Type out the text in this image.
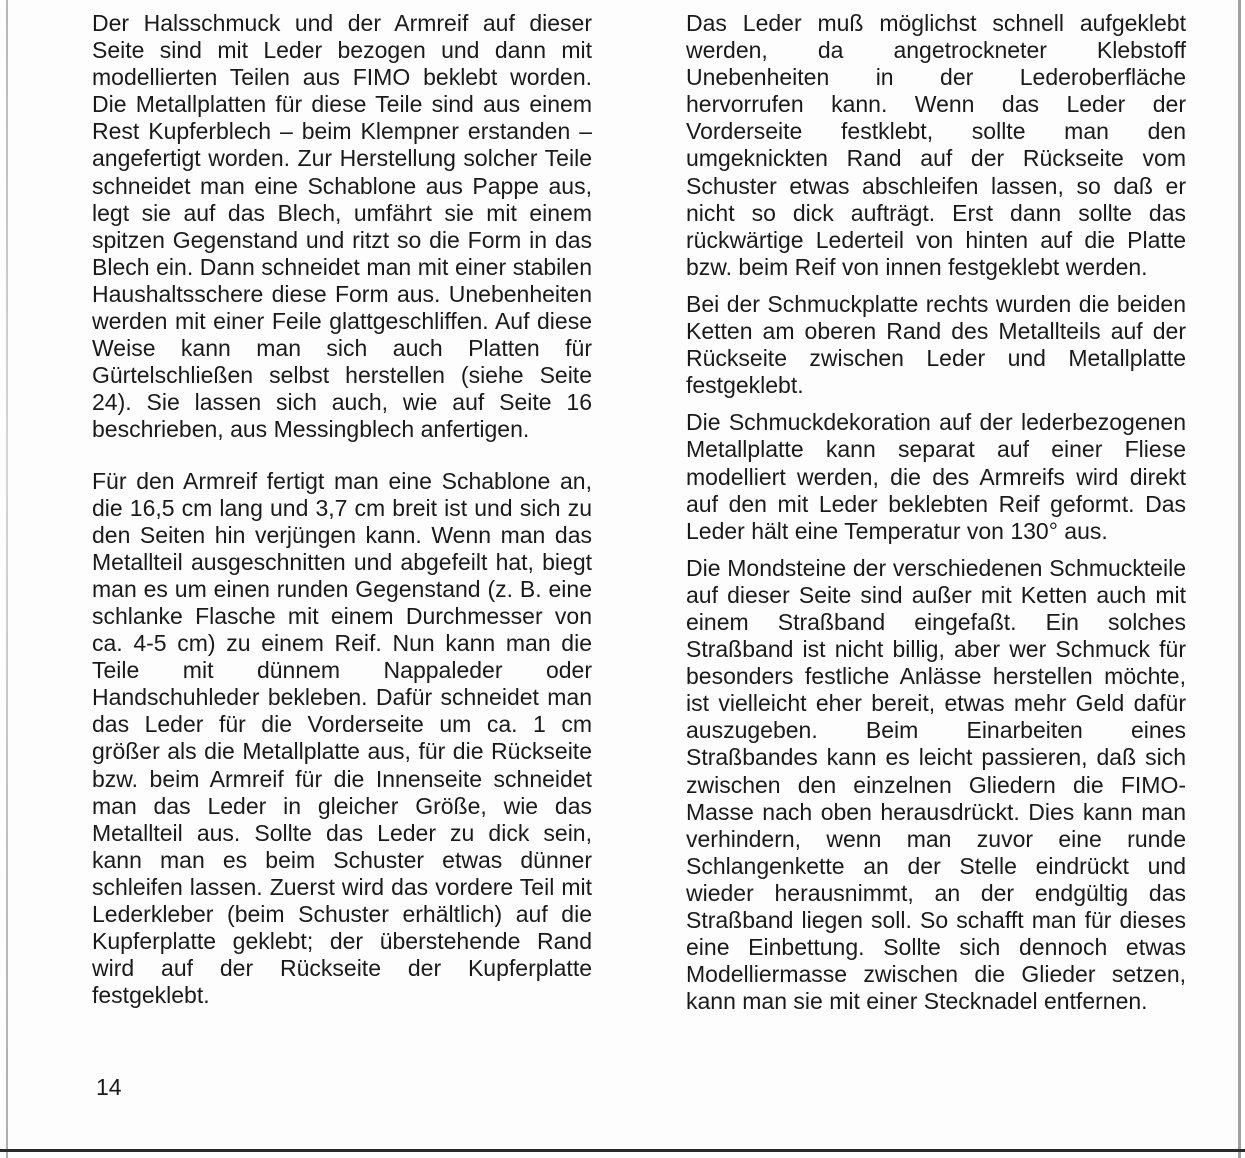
Der Halsschmuck und der Armreif auf dieser Seite sind mit Leder bezogen und dann mit modellierten Teilen aus FIMO beklebt worden. Die Metallplatten für diese Teile sind aus einem Rest Kupferblech – beim Klempner erstanden – angefertigt worden. Zur Herstellung solcher Teile schneidet man eine Schablone aus Pappe aus, legt sie auf das Blech, umfährt sie mit einem spitzen Gegenstand und ritzt so die Form in das Blech ein. Dann schneidet man mit einer stabilen Haushaltsschere diese Form aus. Unebenheiten werden mit einer Feile glattgeschliffen. Auf diese Weise kann man sich auch Platten für Gürtelschließen selbst herstellen (siehe Seite 24). Sie lassen sich auch, wie auf Seite 16 beschrieben, aus Messingblech anfertigen.

Für den Armreif fertigt man eine Schablone an, die 16,5 cm lang und 3,7 cm breit ist und sich zu den Seiten hin verjüngen kann. Wenn man das Metallteil ausgeschnitten und abgefeilt hat, biegt man es um einen runden Gegenstand (z. B. eine schlanke Flasche mit einem Durchmesser von ca. 4-5 cm) zu einem Reif. Nun kann man die Teile mit dünnem Nappaleder oder Handschuhleder bekleben. Dafür schneidet man das Leder für die Vorderseite um ca. 1 cm größer als die Metallplatte aus, für die Rückseite bzw. beim Armreif für die Innenseite schneidet man das Leder in gleicher Größe, wie das Metallteil aus. Sollte das Leder zu dick sein, kann man es beim Schuster etwas dünner schleifen lassen. Zuerst wird das vordere Teil mit Lederkleber (beim Schuster erhältlich) auf die Kupferplatte geklebt; der überstehende Rand wird auf der Rückseite der Kupferplatte festgeklebt.

Das Leder muß möglichst schnell aufgeklebt werden, da angetrockneter Klebstoff Unebenheiten in der Lederoberfläche hervorrufen kann. Wenn das Leder der Vorderseite festklebt, sollte man den umgeknickten Rand auf der Rückseite vom Schuster etwas abschleifen lassen, so daß er nicht so dick aufträgt. Erst dann sollte das rückwärtige Lederteil von hinten auf die Platte bzw. beim Reif von innen festgeklebt werden.

Bei der Schmuckplatte rechts wurden die beiden Ketten am oberen Rand des Metallteils auf der Rückseite zwischen Leder und Metallplatte festgeklebt.

Die Schmuckdekoration auf der lederbezogenen Metallplatte kann separat auf einer Fliese modelliert werden, die des Armreifs wird direkt auf den mit Leder beklebten Reif geformt. Das Leder hält eine Temperatur von 130° aus.

Die Mondsteine der verschiedenen Schmuckteile auf dieser Seite sind außer mit Ketten auch mit einem Straßband eingefaßt. Ein solches Straßband ist nicht billig, aber wer Schmuck für besonders festliche Anlässe herstellen möchte, ist vielleicht eher bereit, etwas mehr Geld dafür auszugeben. Beim Einarbeiten eines Straßbandes kann es leicht passieren, daß sich zwischen den einzelnen Gliedern die FIMO-Masse nach oben herausdrückt. Dies kann man verhindern, wenn man zuvor eine runde Schlangenkette an der Stelle eindrückt und wieder herausnimmt, an der endgültig das Straßband liegen soll. So schafft man für dieses eine Einbettung. Sollte sich dennoch etwas Modelliermasse zwischen die Glieder setzen, kann man sie mit einer Stecknadel entfernen.

14
